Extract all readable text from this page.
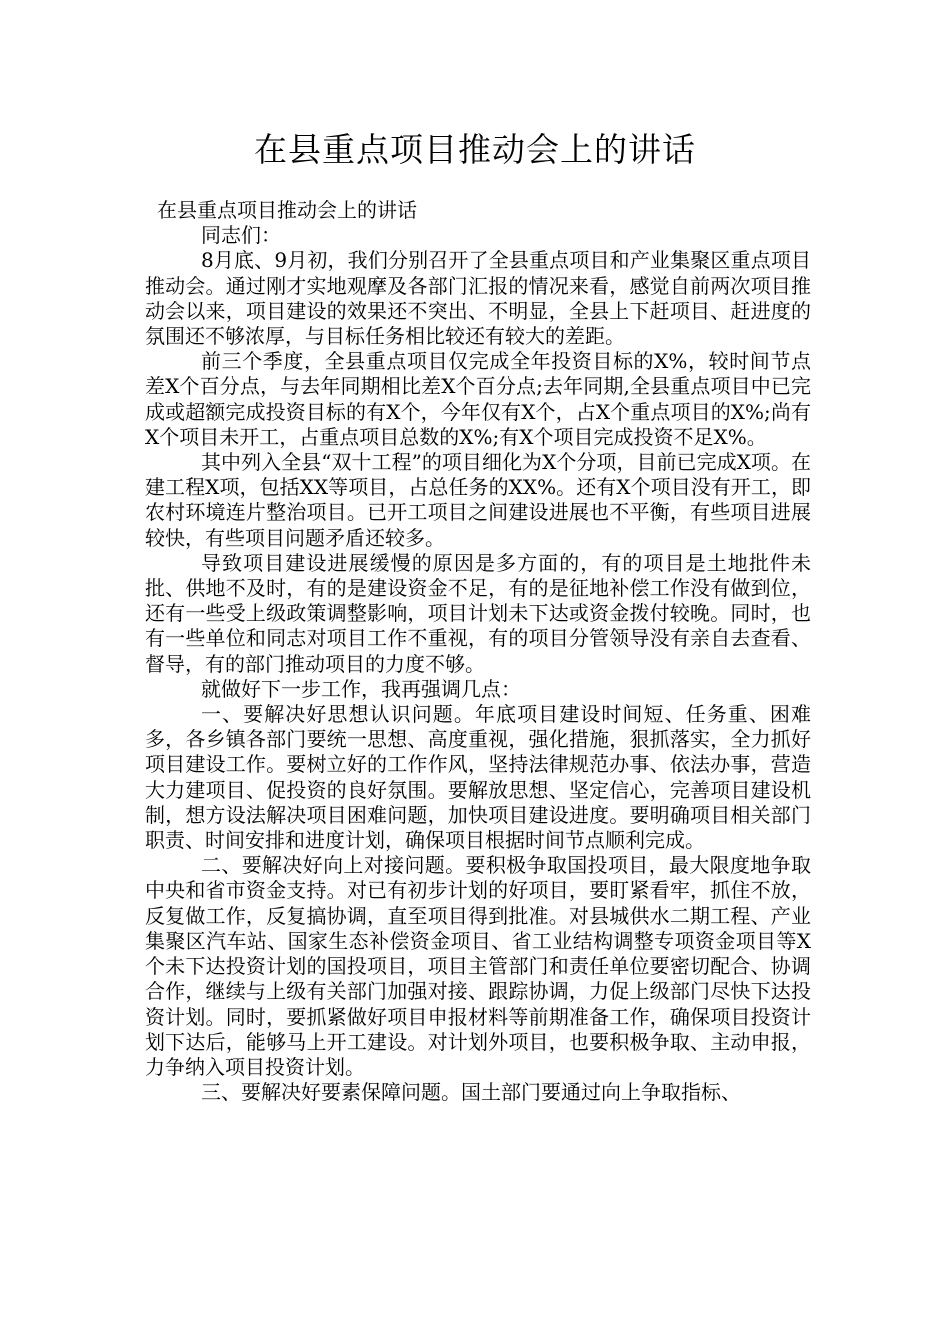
在县重点项目推动会上的讲话

在县重点项目推动会上的讲话

同志们：

8月底、9月初，我们分别召开了全县重点项目和产业集聚区重点项目推动会。通过刚才实地观摩及各部门汇报的情况来看，感觉自前两次项目推动会以来，项目建设的效果还不突出、不明显，全县上下赶项目、赶进度的氛围还不够浓厚，与目标任务相比较还有较大的差距。

前三个季度，全县重点项目仅完成全年投资目标的X%，较时间节点差X个百分点，与去年同期相比差X个百分点;去年同期,全县重点项目中已完成或超额完成投资目标的有X个，今年仅有X个，占X个重点项目的X%;尚有X个项目未开工，占重点项目总数的X%;有X个项目完成投资不足X%。

其中列入全县“双十工程”的项目细化为X个分项，目前已完成X项。在建工程X项，包括XX等项目，占总任务的XX%。还有X个项目没有开工，即农村环境连片整治项目。已开工项目之间建设进展也不平衡，有些项目进展较快，有些项目问题矛盾还较多。

导致项目建设进展缓慢的原因是多方面的，有的项目是土地批件未批、供地不及时，有的是建设资金不足，有的是征地补偿工作没有做到位，还有一些受上级政策调整影响，项目计划未下达或资金拨付较晚。同时，也有一些单位和同志对项目工作不重视，有的项目分管领导没有亲自去查看、督导，有的部门推动项目的力度不够。

就做好下一步工作，我再强调几点：

一、要解决好思想认识问题。年底项目建设时间短、任务重、困难多，各乡镇各部门要统一思想、高度重视，强化措施，狠抓落实，全力抓好项目建设工作。要树立好的工作作风，坚持法律规范办事、依法办事，营造大力建项目、促投资的良好氛围。要解放思想、坚定信心，完善项目建设机制，想方设法解决项目困难问题，加快项目建设进度。要明确项目相关部门职责、时间安排和进度计划，确保项目根据时间节点顺利完成。

二、要解决好向上对接问题。要积极争取国投项目，最大限度地争取中央和省市资金支持。对已有初步计划的好项目，要盯紧看牢，抓住不放，反复做工作，反复搞协调，直至项目得到批准。对县城供水二期工程、产业集聚区汽车站、国家生态补偿资金项目、省工业结构调整专项资金项目等X个未下达投资计划的国投项目，项目主管部门和责任单位要密切配合、协调合作，继续与上级有关部门加强对接、跟踪协调，力促上级部门尽快下达投资计划。同时，要抓紧做好项目申报材料等前期准备工作，确保项目投资计划下达后，能够马上开工建设。对计划外项目，也要积极争取、主动申报，力争纳入项目投资计划。

三、要解决好要素保障问题。国土部门要通过向上争取指标、
